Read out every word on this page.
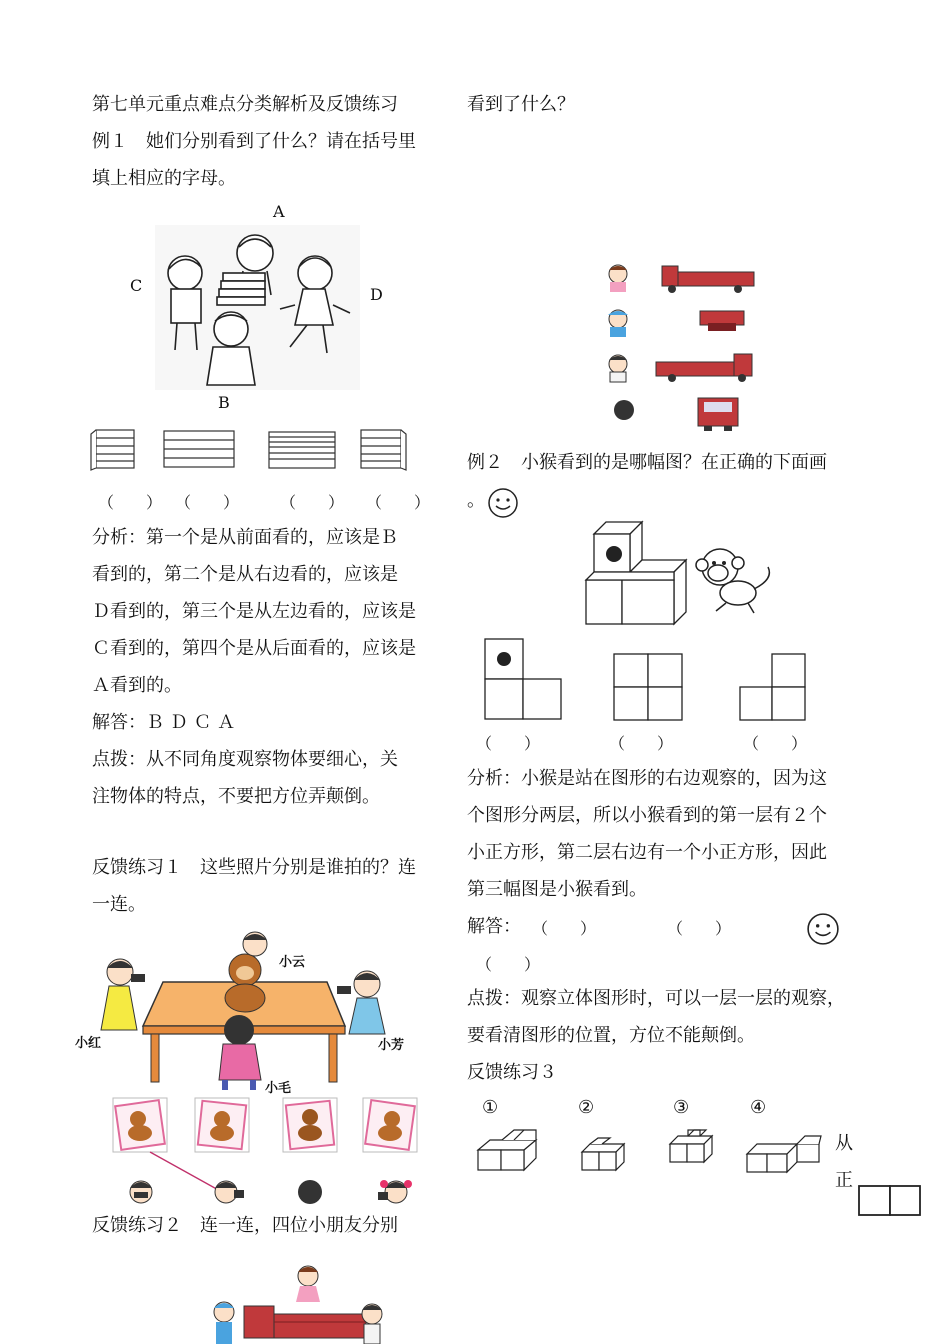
第七单元重点难点分类解析及反馈练习
例１　她们分别看到了什么？请在括号里
填上相应的字母。
A
C	D
B
（　　） （　　）	（　　） （　　）
分析：第一个是从前面看的，应该是Ｂ
看到的，第二个是从右边看的，应该是
Ｄ看到的，第三个是从左边看的，应该是
Ｃ看到的，第四个是从后面看的，应该是
Ａ看到的。
解答：Ｂ Ｄ Ｃ Ａ
点拨：从不同角度观察物体要细心，关
注物体的特点，不要把方位弄颠倒。
反馈练习１　这些照片分别是谁拍的？连
一连。
小云
小红	小芳
小毛
反馈练习２　连一连，四位小朋友分别
看到了什么？
例２　小猴看到的是哪幅图？在正确的下面画
。
（　　）	（　　）	（　　）
分析：小猴是站在图形的右边观察的，因为这
个图形分两层，所以小猴看到的第一层有２个
小正方形，第二层右边有一个小正方形，因此
第三幅图是小猴看到。
解答： （　　）	（　　）
（　　）
点拨：观察立体图形时，可以一层一层的观察，
要看清图形的位置，方位不能颠倒。
反馈练习３
①	②	③	④
从
正
